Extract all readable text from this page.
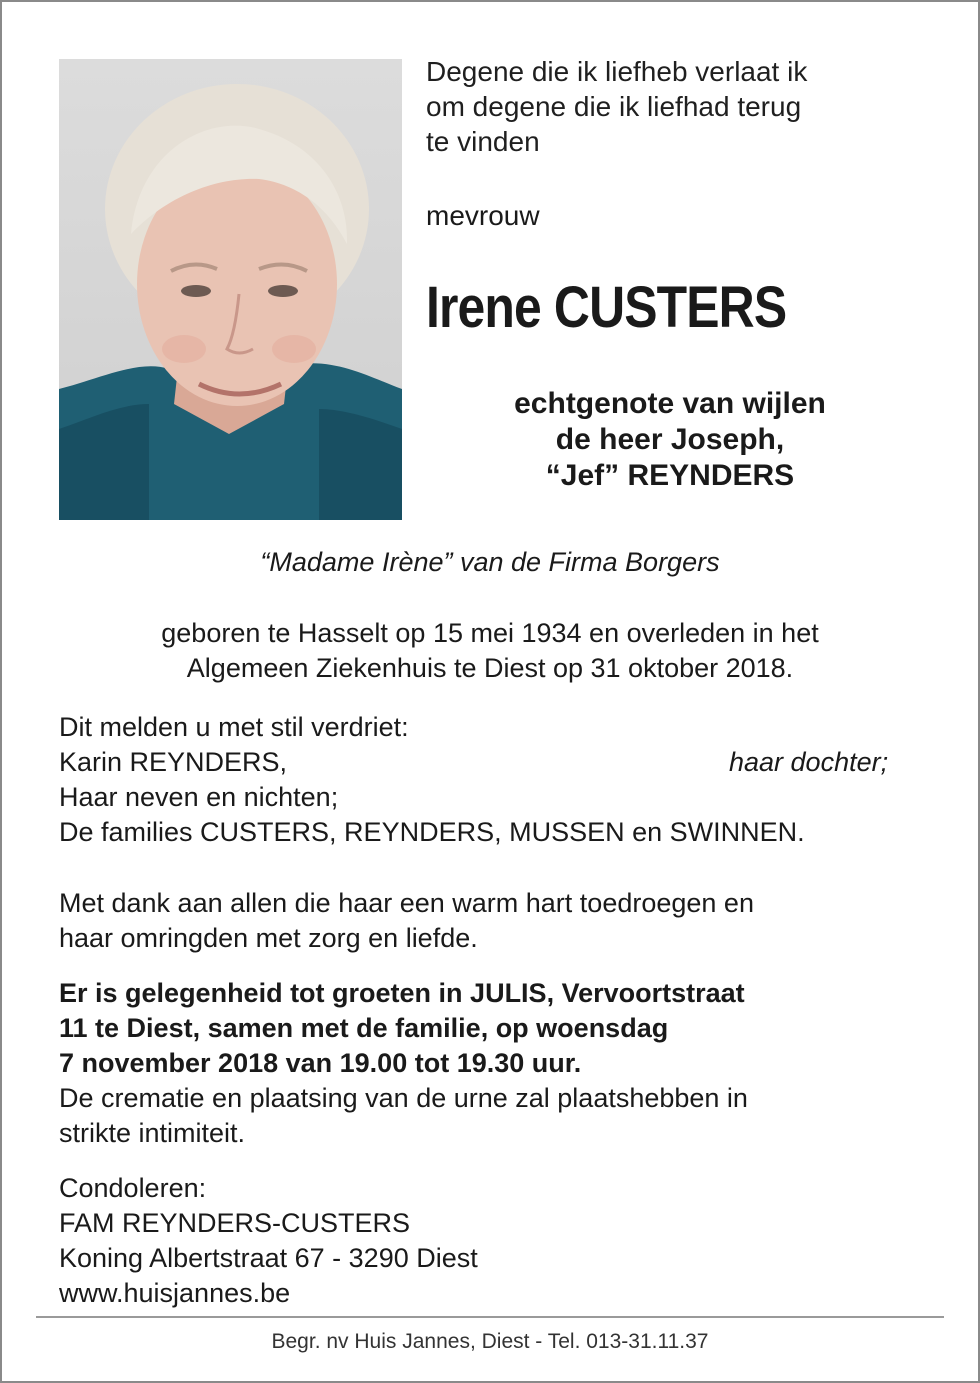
Degene die ik liefheb verlaat ik
om degene die ik liefhad terug
te vinden
mevrouw
Irene CUSTERS
echtgenote van wijlen
de heer Joseph,
“Jef” REYNDERS
“Madame Irène” van de Firma Borgers
geboren te Hasselt op 15 mei 1934 en overleden in het
Algemeen Ziekenhuis te Diest op 31 oktober 2018.
Dit melden u met stil verdriet:
Karin REYNDERS,	haar dochter;
Haar neven en nichten;
De families CUSTERS, REYNDERS, MUSSEN en SWINNEN.
Met dank aan allen die haar een warm hart toedroegen en
haar omringden met zorg en liefde.
Er is gelegenheid tot groeten in JULIS, Vervoortstraat
11 te Diest, samen met de familie, op woensdag
7 november 2018 van 19.00 tot 19.30 uur.
De crematie en plaatsing van de urne zal plaatshebben in
strikte intimiteit.
Condoleren:
FAM REYNDERS-CUSTERS
Koning Albertstraat 67 - 3290 Diest
www.huisjannes.be
Begr. nv Huis Jannes, Diest - Tel. 013-31.11.37
